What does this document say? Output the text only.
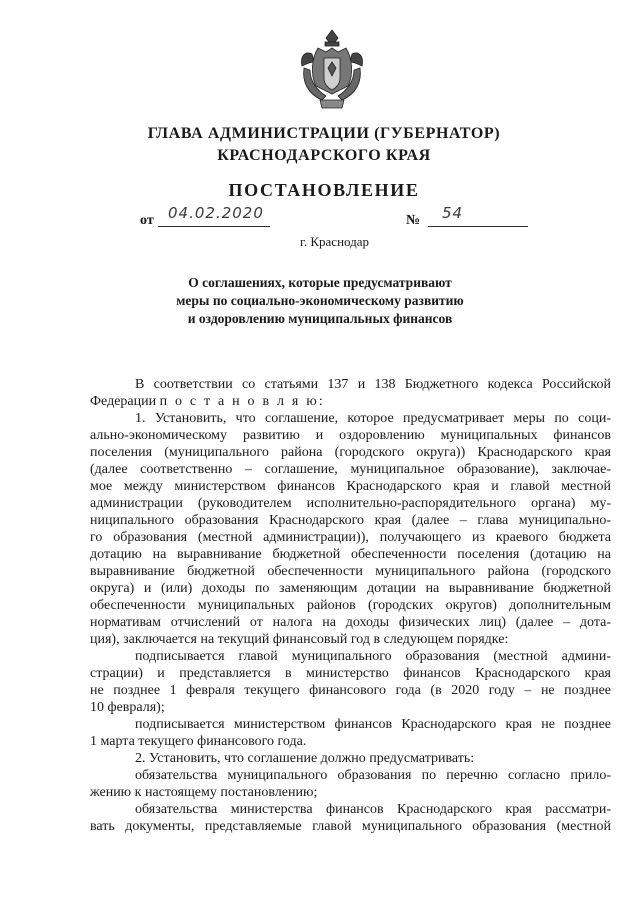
ГЛАВА АДМИНИСТРАЦИИ (ГУБЕРНАТОР)
КРАСНОДАРСКОГО КРАЯ
ПОСТАНОВЛЕНИЕ
от 04.02.2020	№ 54
г. Краснодар
О соглашениях, которые предусматривают
меры по социально-экономическому развитию
и оздоровлению муниципальных финансов
В соответствии со статьями 137 и 138 Бюджетного кодекса Российской
Федерации п о с т а н о в л я ю:
1. Установить, что соглашение, которое предусматривает меры по соци-
ально-экономическому развитию и оздоровлению муниципальных финансов
поселения (муниципального района (городского округа)) Краснодарского края
(далее соответственно – соглашение, муниципальное образование), заключае-
мое между министерством финансов Краснодарского края и главой местной
администрации (руководителем исполнительно-распорядительного органа) му-
ниципального образования Краснодарского края (далее – глава муниципально-
го образования (местной администрации)), получающего из краевого бюджета
дотацию на выравнивание бюджетной обеспеченности поселения (дотацию на
выравнивание бюджетной обеспеченности муниципального района (городского
округа) и (или) доходы по заменяющим дотации на выравнивание бюджетной
обеспеченности муниципальных районов (городских округов) дополнительным
нормативам отчислений от налога на доходы физических лиц) (далее – дота-
ция), заключается на текущий финансовый год в следующем порядке:
подписывается главой муниципального образования (местной админи-
страции) и представляется в министерство финансов Краснодарского края
не позднее 1 февраля текущего финансового года (в 2020 году – не позднее
10 февраля);
подписывается министерством финансов Краснодарского края не позднее
1 марта текущего финансового года.
2. Установить, что соглашение должно предусматривать:
обязательства муниципального образования по перечню согласно прило-
жению к настоящему постановлению;
обязательства министерства финансов Краснодарского края рассматри-
вать документы, представляемые главой муниципального образования (местной
